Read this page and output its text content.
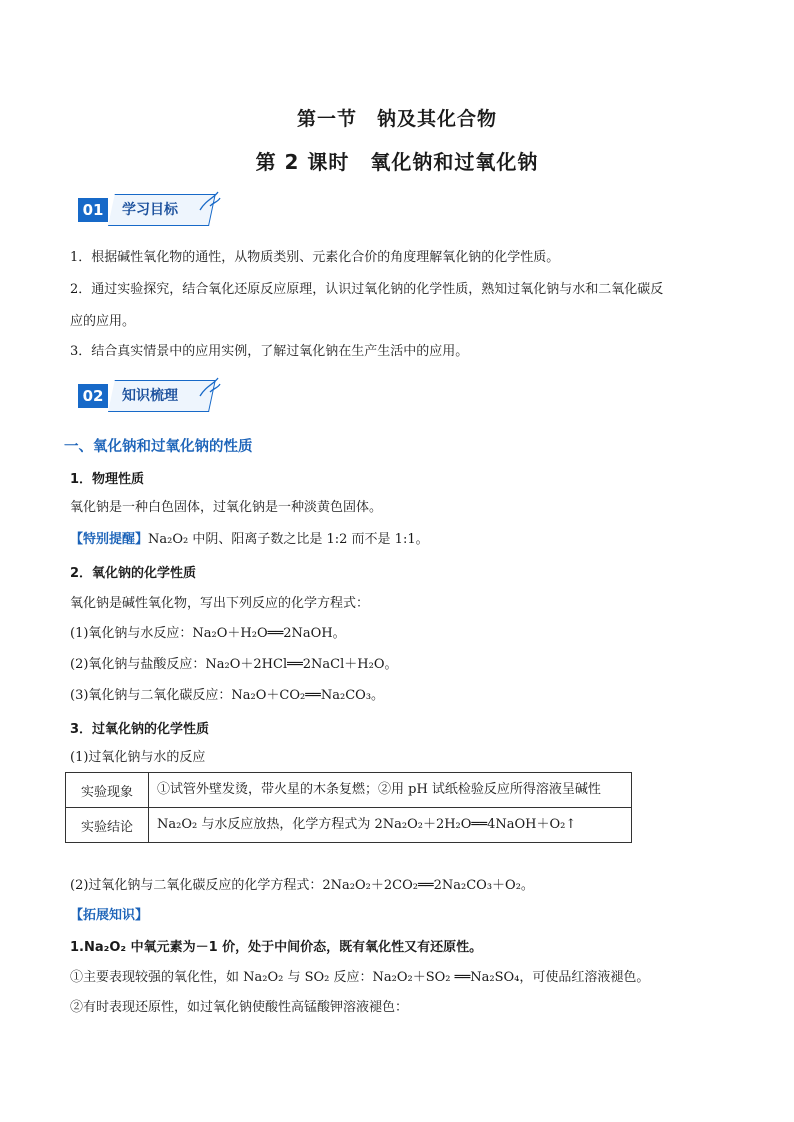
第一节　钠及其化合物
第 2 课时　氧化钠和过氧化钠
01	学习目标
1．根据碱性氧化物的通性，从物质类别、元素化合价的角度理解氧化钠的化学性质。
2．通过实验探究，结合氧化还原反应原理，认识过氧化钠的化学性质，熟知过氧化钠与水和二氧化碳反
应的应用。
3．结合真实情景中的应用实例，了解过氧化钠在生产生活中的应用。
02	知识梳理
一、氧化钠和过氧化钠的性质
1．物理性质
氧化钠是一种白色固体，过氧化钠是一种淡黄色固体。
【特别提醒】Na₂O₂ 中阴、阳离子数之比是 1:2 而不是 1:1。
2．氧化钠的化学性质
氧化钠是碱性氧化物，写出下列反应的化学方程式：
(1)氧化钠与水反应：Na₂O＋H₂O══2NaOH。
(2)氧化钠与盐酸反应：Na₂O＋2HCl══2NaCl＋H₂O。
(3)氧化钠与二氧化碳反应：Na₂O＋CO₂══Na₂CO₃。
3．过氧化钠的化学性质
(1)过氧化钠与水的反应
实验现象	①试管外壁发烫，带火星的木条复燃；②用 pH 试纸检验反应所得溶液呈碱性
实验结论	Na₂O₂ 与水反应放热，化学方程式为 2Na₂O₂＋2H₂O══4NaOH＋O₂↑
(2)过氧化钠与二氧化碳反应的化学方程式：2Na₂O₂＋2CO₂══2Na₂CO₃＋O₂。
【拓展知识】
1.Na₂O₂ 中氧元素为－1 价，处于中间价态，既有氧化性又有还原性。
①主要表现较强的氧化性，如 Na₂O₂ 与 SO₂ 反应：Na₂O₂＋SO₂ ══Na₂SO₄，可使品红溶液褪色。
②有时表现还原性，如过氧化钠使酸性高锰酸钾溶液褪色：
